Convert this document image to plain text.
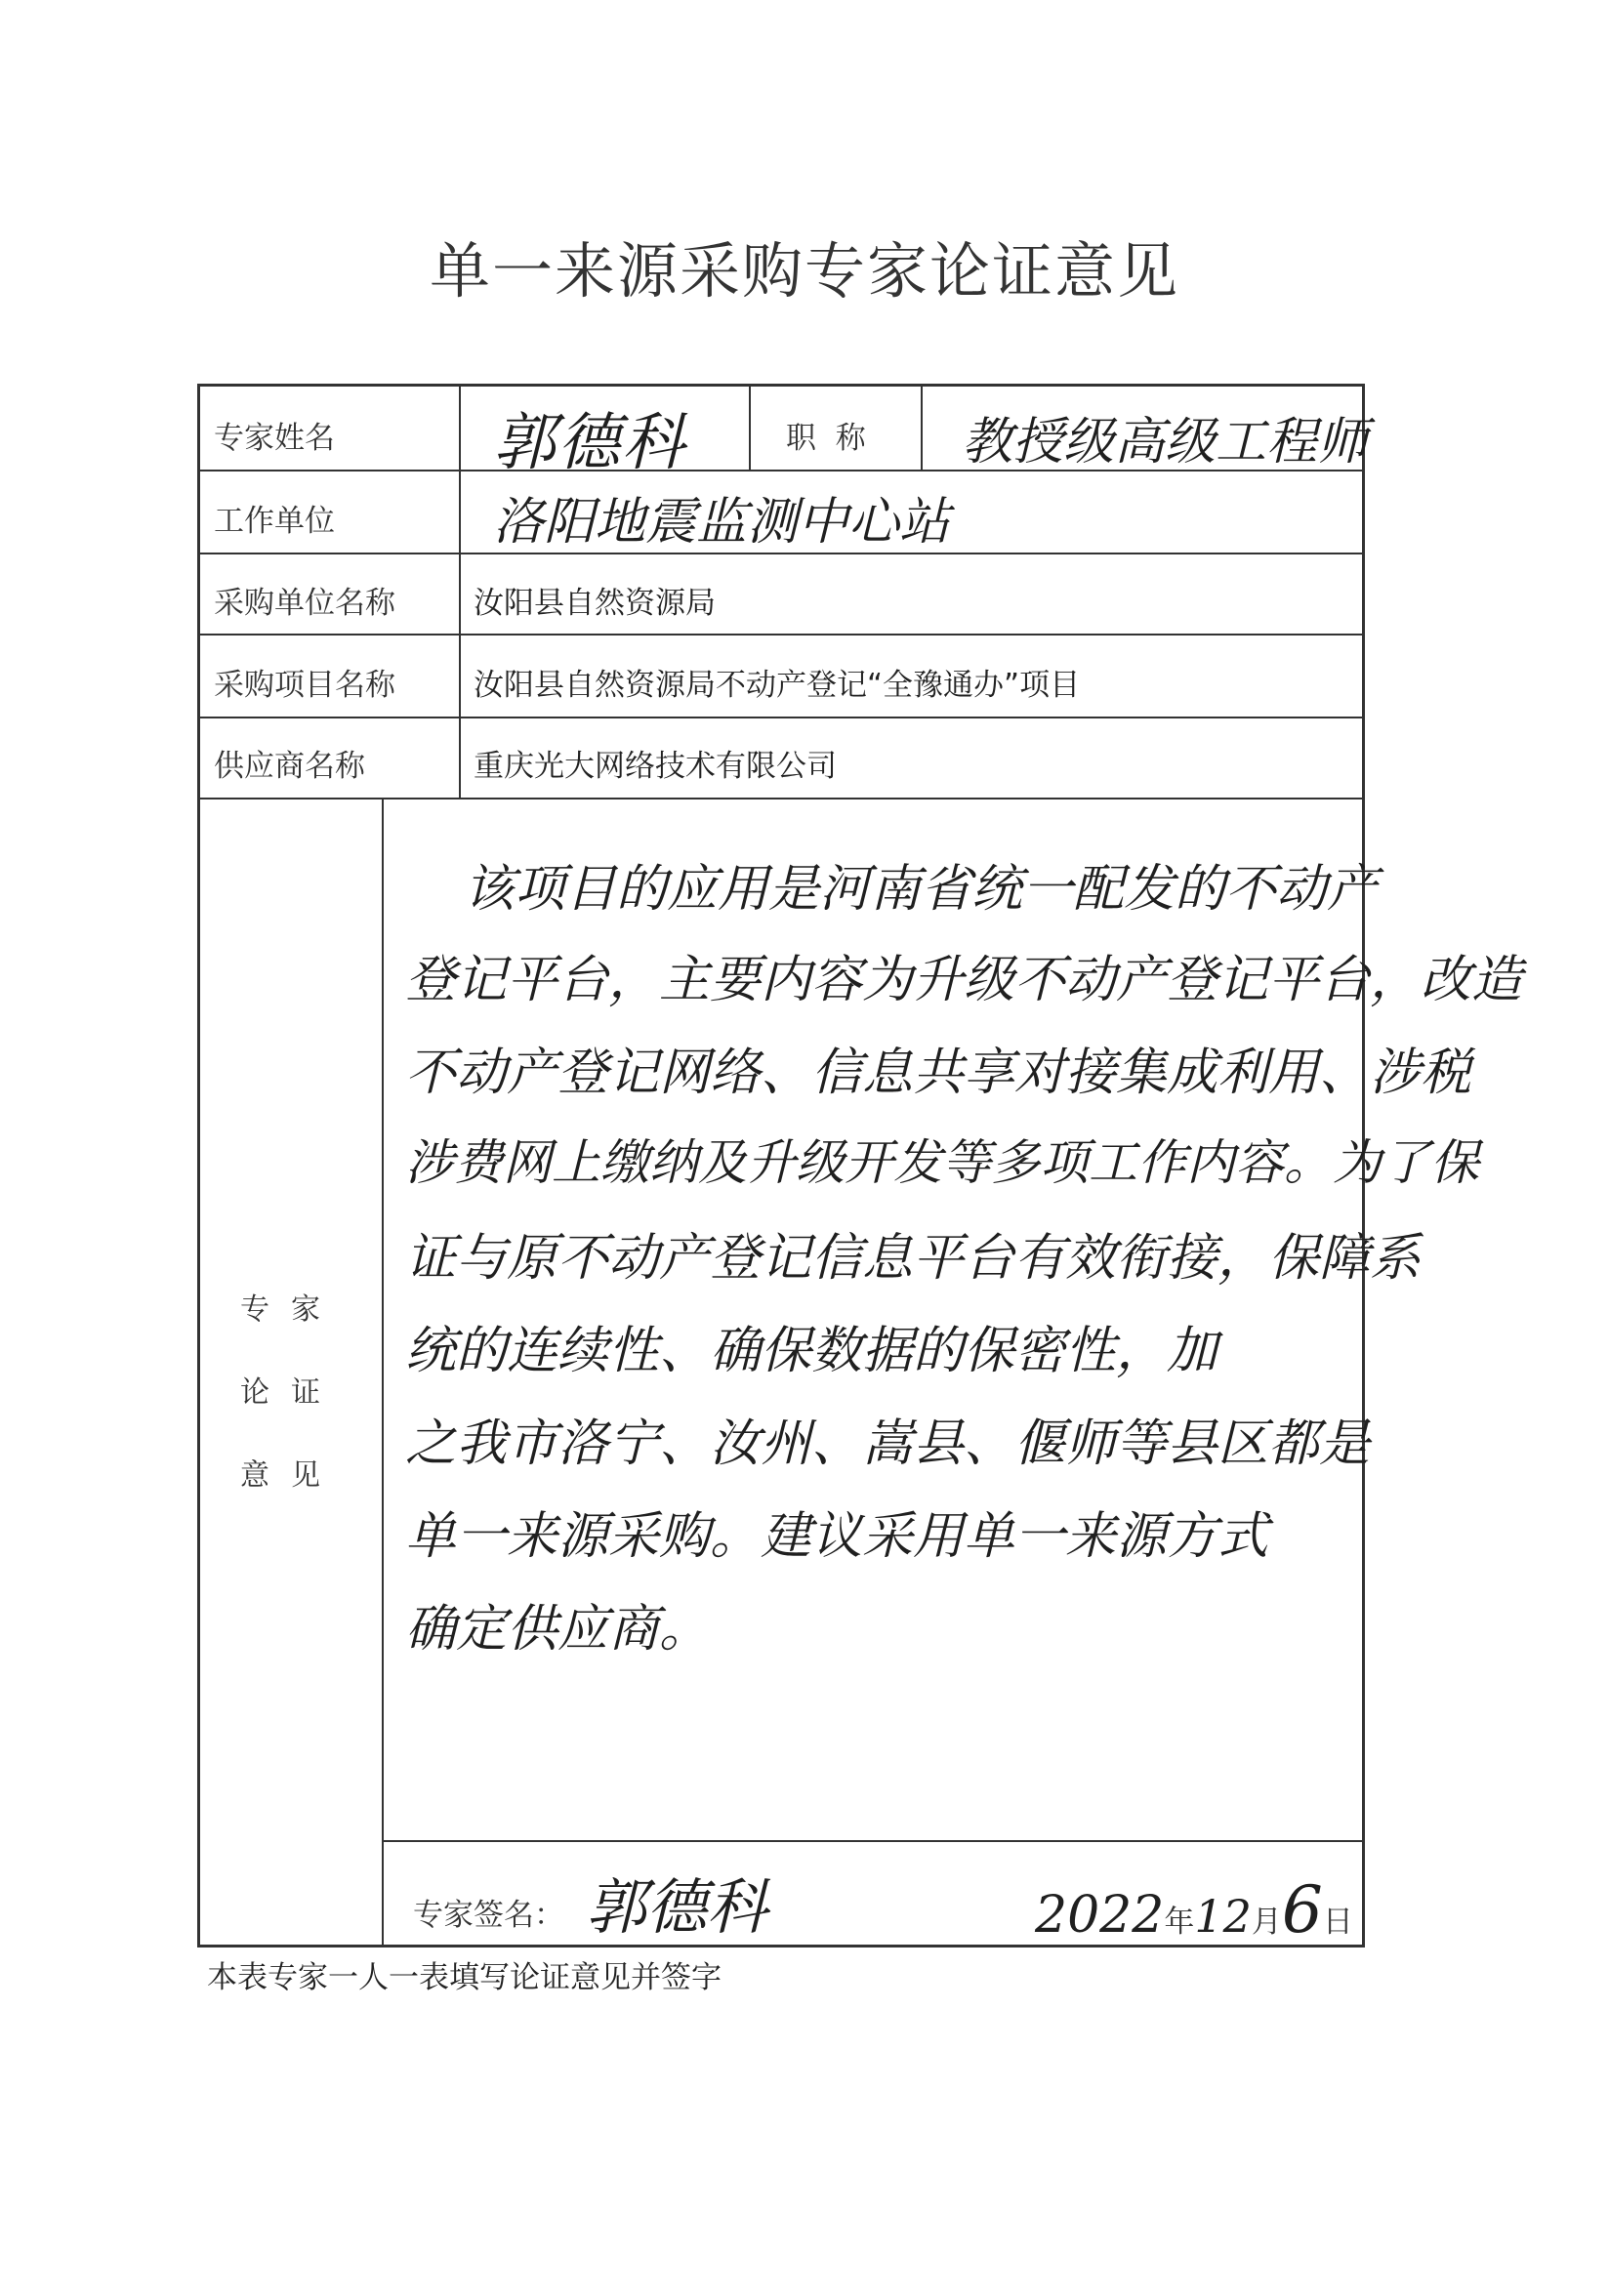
单一来源采购专家论证意见
专家姓名	郭德科	职  称 教授级高级工程师
工作单位	洛阳地震监测中心站
采购单位名称	汝阳县自然资源局
采购项目名称	汝阳县自然资源局不动产登记“全豫通办”项目
供应商名称	重庆光大网络技术有限公司
专家
论证
意见
该项目的应用是河南省统一配发的不动产
登记平台，主要内容为升级不动产登记平台，改造
不动产登记网络、信息共享对接集成利用、涉税
涉费网上缴纳及升级开发等多项工作内容。为了保
证与原不动产登记信息平台有效衔接，保障系
统的连续性、确保数据的保密性，加
之我市洛宁、汝州、嵩县、偃师等县区都是
单一来源采购。建议采用单一来源方式
确定供应商。
专家签名： 郭德科	2022年12月6日
本表专家一人一表填写论证意见并签字
